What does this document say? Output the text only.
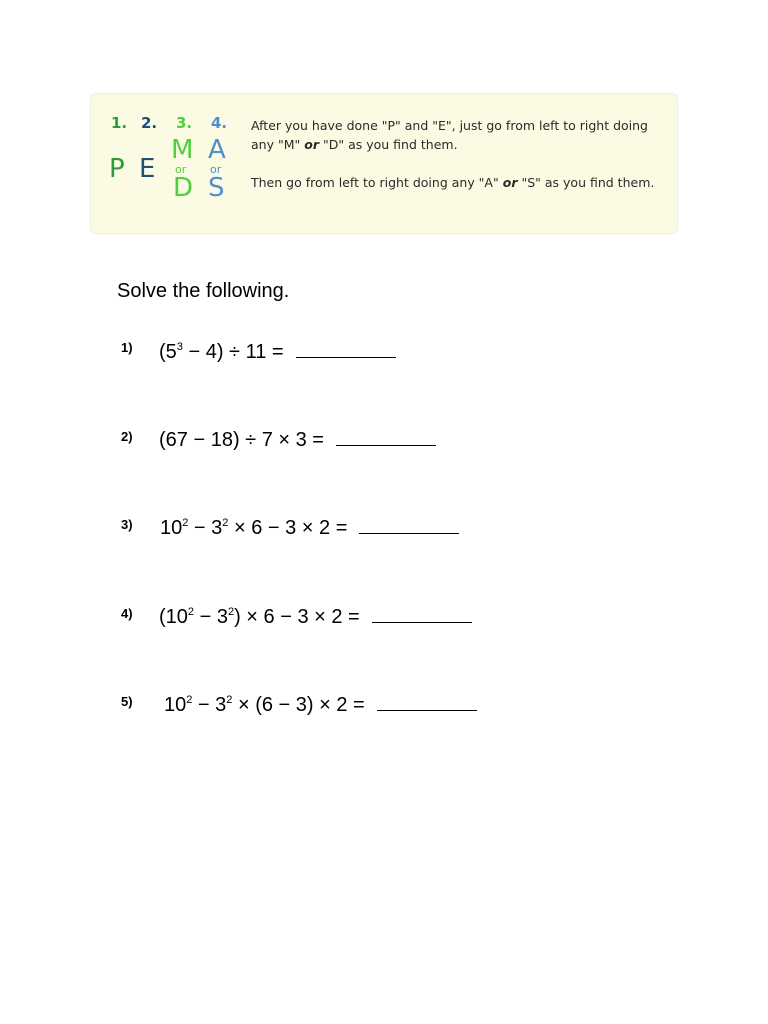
1. 2. 3. 4.
P E
M
or
D
A
or
S
After you have done "P" and "E", just go from left to right doing
any "M" or "D" as you find them.
Then go from left to right doing any "A" or "S" as you find them.
Solve the following.
1) $(5^3 - 4) \div 11$ =
2) (67 − 18) ÷ 7 × 3 =
3) $10^2 - 3^2 \times 6 - 3 \times 2$ =
4) $(10^2 - 3^2) \times 6 - 3 \times 2$ =
5) $10^2 - 3^2 \times (6 - 3) \times 2$ =
